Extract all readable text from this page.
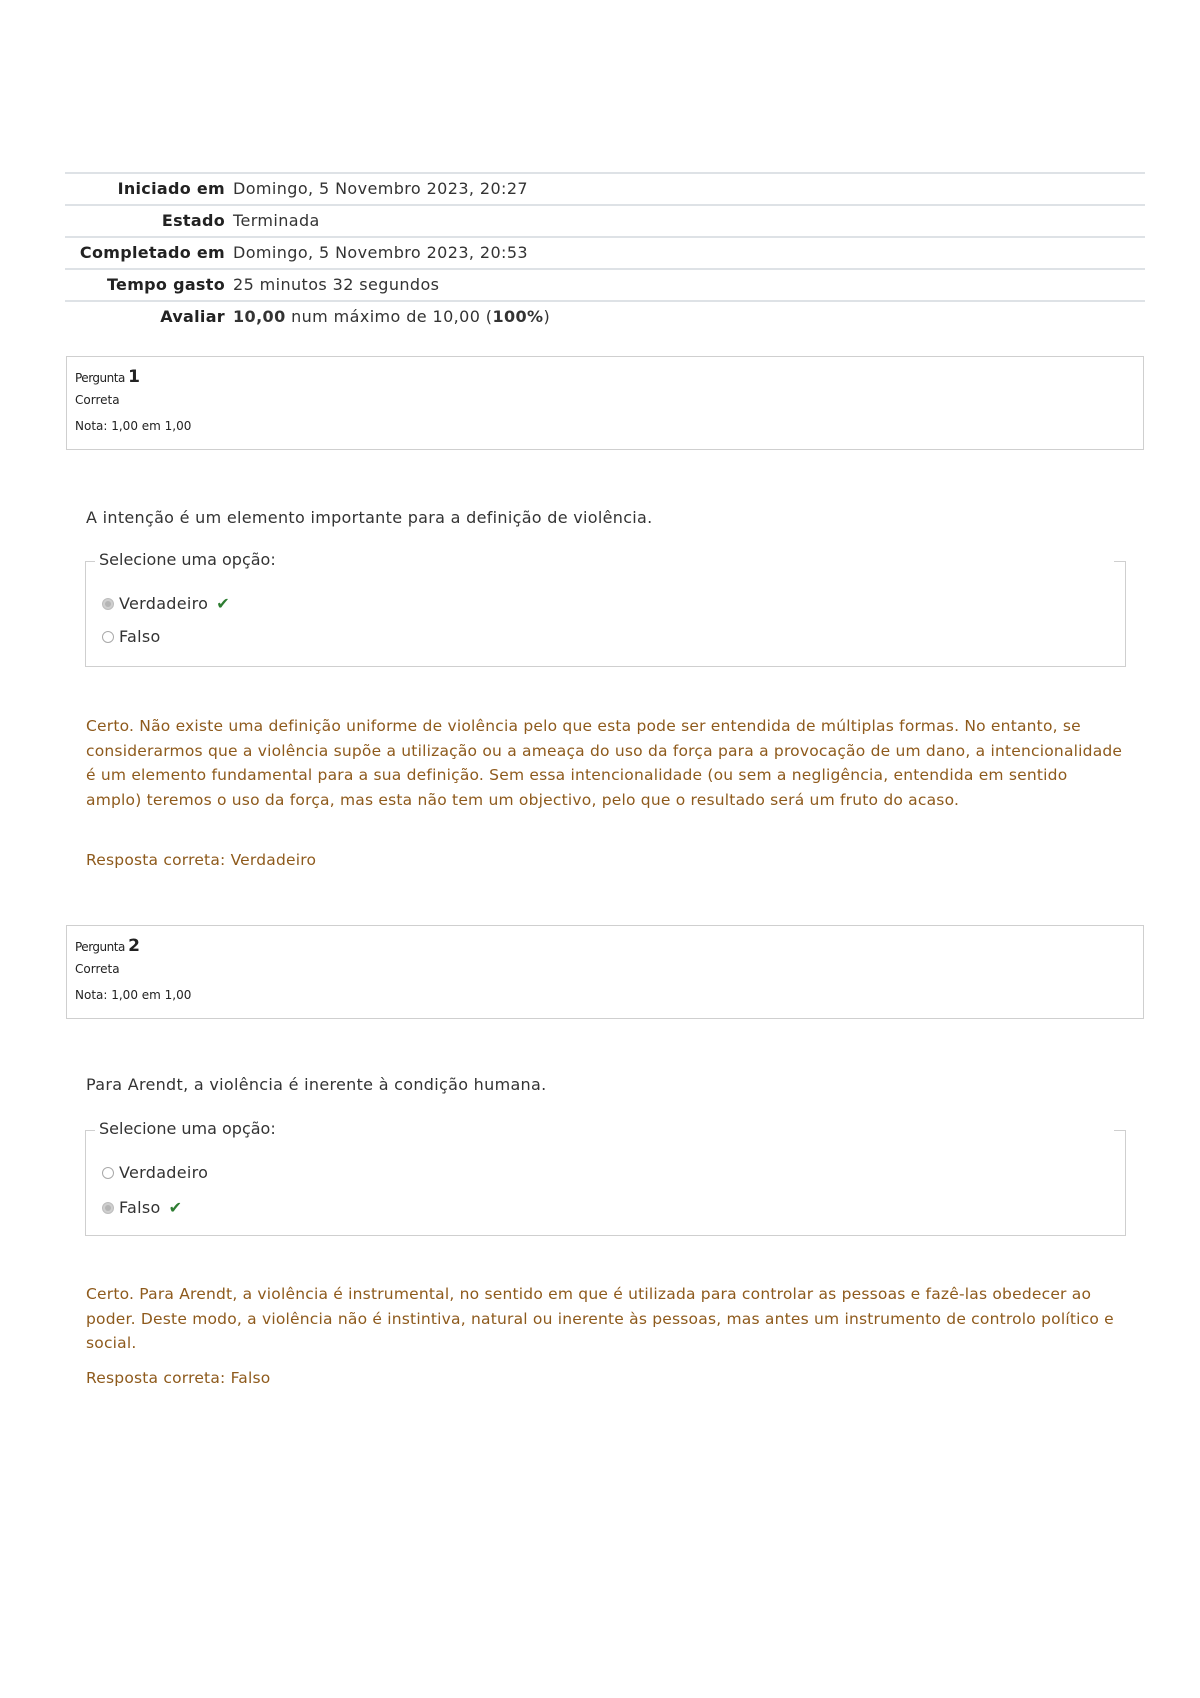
Iniciado em	Domingo, 5 Novembro 2023, 20:27
Estado	Terminada
Completado em	Domingo, 5 Novembro 2023, 20:53
Tempo gasto	25 minutos 32 segundos
Avaliar	10,00 num máximo de 10,00 (100%)
Pergunta 1
Correta
Nota: 1,00 em 1,00
A intenção é um elemento importante para a definição de violência.
Selecione uma opção:
Verdadeiro ✔
Falso
Certo. Não existe uma definição uniforme de violência pelo que esta pode ser entendida de múltiplas formas. No entanto, se considerarmos que a violência supõe a utilização ou a ameaça do uso da força para a provocação de um dano, a intencionalidade é um elemento fundamental para a sua definição. Sem essa intencionalidade (ou sem a negligência, entendida em sentido amplo) teremos o uso da força, mas esta não tem um objectivo, pelo que o resultado será um fruto do acaso.
Resposta correta: Verdadeiro
Pergunta 2
Correta
Nota: 1,00 em 1,00
Para Arendt, a violência é inerente à condição humana.
Selecione uma opção:
Verdadeiro
Falso ✔
Certo. Para Arendt, a violência é instrumental, no sentido em que é utilizada para controlar as pessoas e fazê-las obedecer ao poder. Deste modo, a violência não é instintiva, natural ou inerente às pessoas, mas antes um instrumento de controlo político e social.
Resposta correta: Falso
